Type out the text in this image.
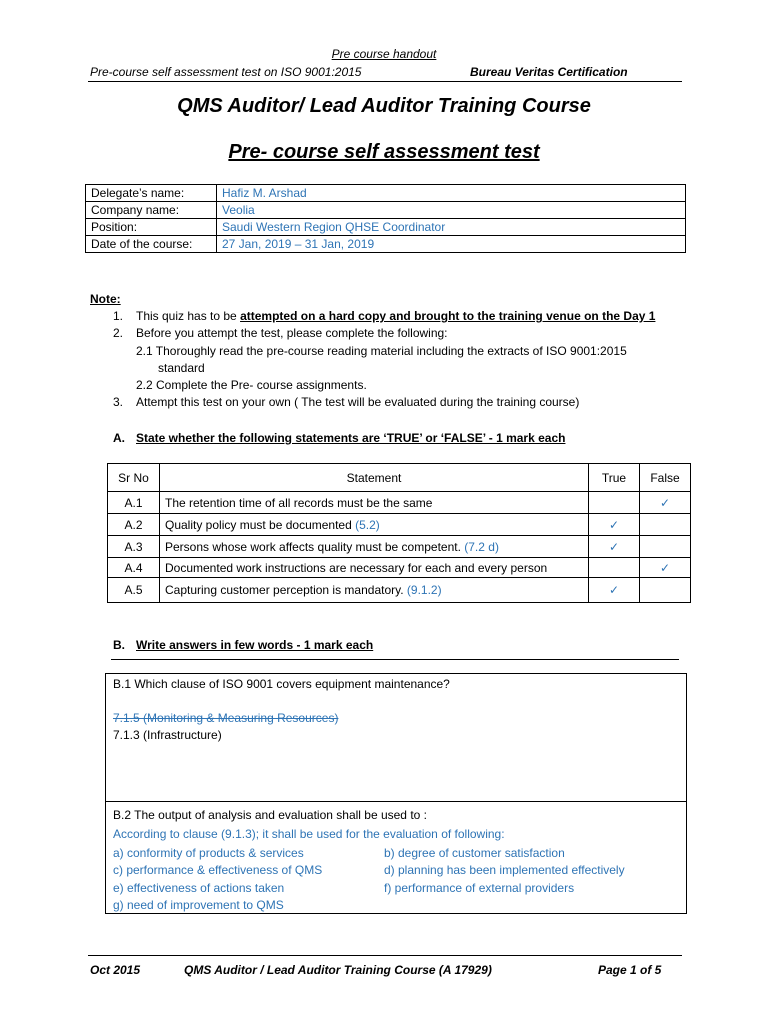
Pre course handout
Pre-course self assessment test on ISO 9001:2015	Bureau Veritas Certification
QMS Auditor/ Lead Auditor Training Course
Pre- course self assessment test
Delegate’s name:	Hafiz M. Arshad
Company name:	Veolia
Position:	Saudi Western Region QHSE Coordinator
Date of the course:	27 Jan, 2019 – 31 Jan, 2019
Note:
1. This quiz has to be attempted on a hard copy and brought to the training venue on the Day 1
2. Before you attempt the test, please complete the following:
2.1 Thoroughly read the pre-course reading material including the extracts of ISO 9001:2015
standard
2.2 Complete the Pre- course assignments.
3. Attempt this test on your own ( The test will be evaluated during the training course)
A. State whether the following statements are ‘TRUE’ or ‘FALSE’ - 1 mark each
Sr No	Statement	True	False
A.1	The retention time of all records must be the same		✓
A.2	Quality policy must be documented (5.2)	✓	
A.3	Persons whose work affects quality must be competent. (7.2 d)	✓	
A.4	Documented work instructions are necessary for each and every person		✓
A.5	Capturing customer perception is mandatory. (9.1.2)	✓	
B. Write answers in few words - 1 mark each
B.1 Which clause of ISO 9001 covers equipment maintenance?
7.1.5 (Monitoring & Measuring Resources)
7.1.3 (Infrastructure)
B.2 The output of analysis and evaluation shall be used to :
According to clause (9.1.3); it shall be used for the evaluation of following:
a) conformity of products & services	b) degree of customer satisfaction
c) performance & effectiveness of QMS	d) planning has been implemented effectively
e) effectiveness of actions taken	f) performance of external providers
g) need of improvement to QMS
Oct 2015	QMS Auditor / Lead Auditor Training Course (A 17929)	Page 1 of 5
